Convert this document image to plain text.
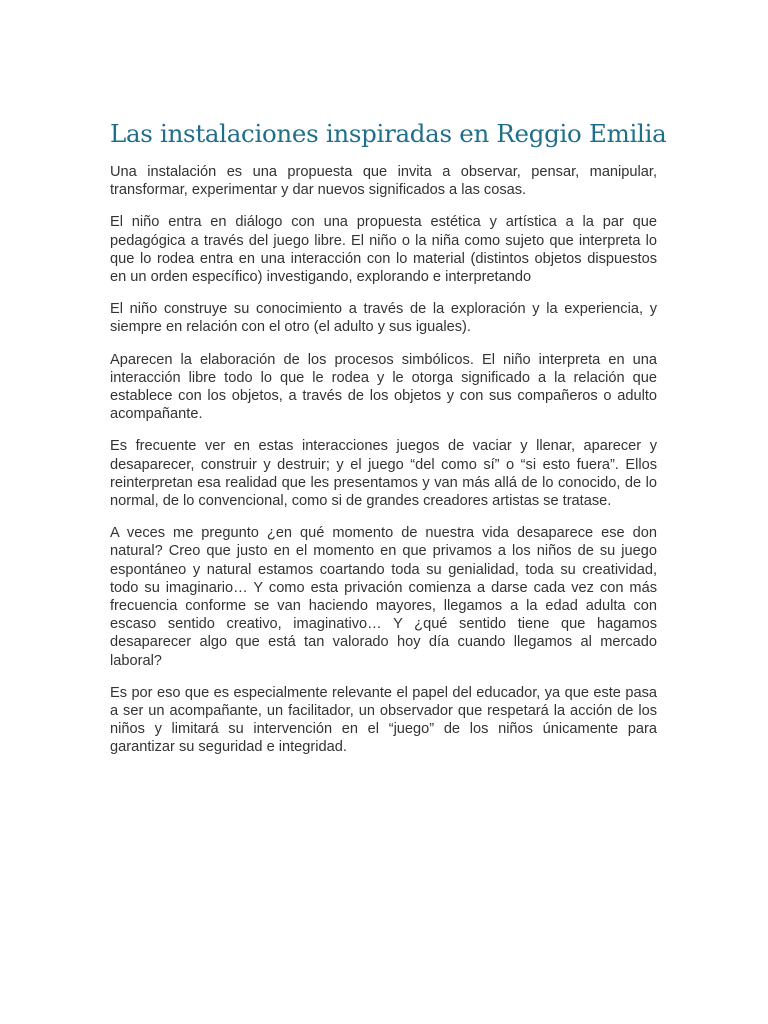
Las instalaciones inspiradas en Reggio Emilia

Una instalación es una propuesta que invita a observar, pensar, manipular, transformar, experimentar y dar nuevos significados a las cosas.

El niño entra en diálogo con una propuesta estética y artística a la par que pedagógica a través del juego libre. El niño o la niña como sujeto que interpreta lo que lo rodea entra en una interacción con lo material (distintos objetos dispuestos en un orden específico) investigando, explorando e interpretando

El niño construye su conocimiento a través de la exploración y la experiencia, y siempre en relación con el otro (el adulto y sus iguales).

Aparecen la elaboración de los procesos simbólicos. El niño interpreta en una interacción libre todo lo que le rodea y le otorga significado a la relación que establece con los objetos, a través de los objetos y con sus compañeros o adulto acompañante.

Es frecuente ver en estas interacciones juegos de vaciar y llenar, aparecer y desaparecer, construir y destruir; y el juego “del como sí” o “si esto fuera”. Ellos reinterpretan esa realidad que les presentamos y van más allá de lo conocido, de lo normal, de lo convencional, como si de grandes creadores artistas se tratase.

A veces me pregunto ¿en qué momento de nuestra vida desaparece ese don natural? Creo que justo en el momento en que privamos a los niños de su juego espontáneo y natural estamos coartando toda su genialidad, toda su creatividad, todo su imaginario… Y como esta privación comienza a darse cada vez con más frecuencia conforme se van haciendo mayores, llegamos a la edad adulta con escaso sentido creativo, imaginativo… Y ¿qué sentido tiene que hagamos desaparecer algo que está tan valorado hoy día cuando llegamos al mercado laboral?

Es por eso que es especialmente relevante el papel del educador, ya que este pasa a ser un acompañante, un facilitador, un observador que respetará la acción de los niños y limitará su intervención en el “juego” de los niños únicamente para garantizar su seguridad e integridad.
